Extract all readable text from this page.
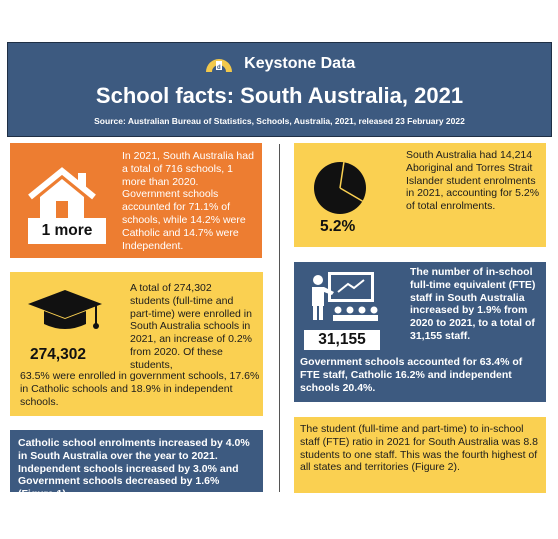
d Keystone Data
School facts: South Australia, 2021
Source: Australian Bureau of Statistics, Schools, Australia, 2021, released 23 February 2022
1 more
In 2021, South Australia had a total of 716 schools, 1 more than 2020. Government schools accounted for 71.1% of schools, while 14.2% were Catholic and 14.7% were Independent.
274,302
A total of 274,302 students (full-time and part-time) were enrolled in South Australia schools in 2021, an increase of 0.2% from 2020. Of these students,
63.5% were enrolled in government schools, 17.6% in Catholic schools and 18.9% in independent schools.
Catholic school enrolments increased by 4.0% in South Australia over the year to 2021. Independent schools increased by 3.0% and Government schools decreased by 1.6% (Figure 1).
5.2%
South Australia had 14,214 Aboriginal and Torres Strait Islander student enrolments in 2021, accounting for 5.2% of total enrolments.
31,155
The number of in-school full-time equivalent (FTE) staff in South Australia increased by 1.9% from 2020 to 2021, to a total of 31,155 staff.
Government schools accounted for 63.4% of FTE staff, Catholic 16.2% and independent schools 20.4%.
The student (full-time and part-time) to in-school staff (FTE) ratio in 2021 for South Australia was 8.8 students to one staff. This was the fourth highest of all states and territories (Figure 2).
